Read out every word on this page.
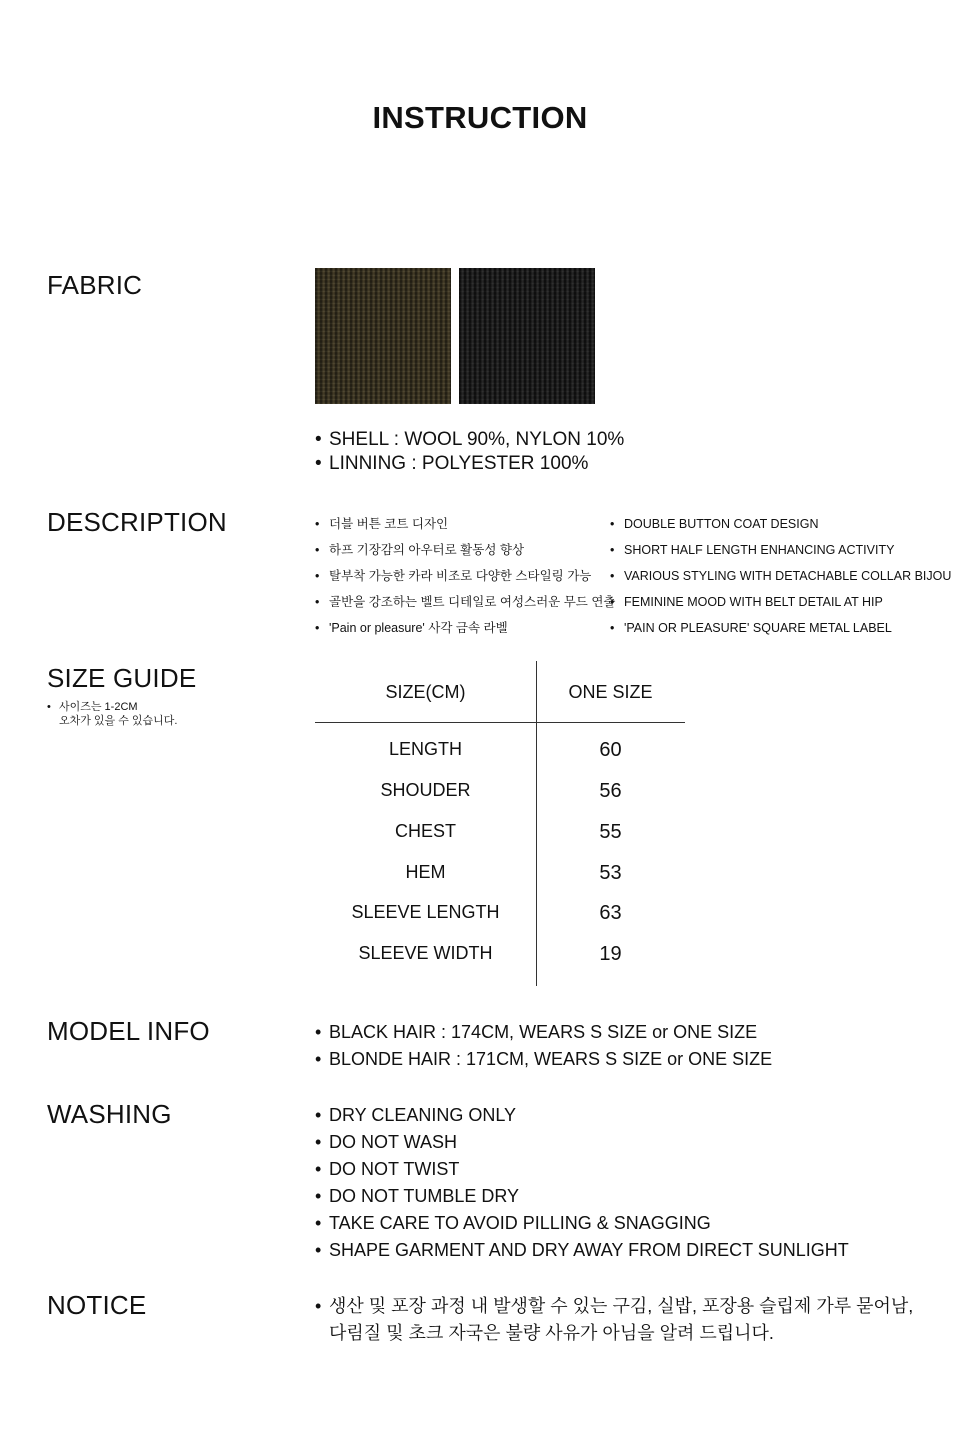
INSTRUCTION
FABRIC
• SHELL : WOOL 90%, NYLON 10%
• LINNING : POLYESTER 100%
DESCRIPTION	• 더블 버튼 코트 디자인
• 하프 기장감의 아우터로 활동성 향상
• 탈부착 가능한 카라 비조로 다양한 스타일링 가능
• 골반을 강조하는 벨트 디테일로 여성스러운 무드 연출
• 'Pain or pleasure' 사각 금속 라벨
• DOUBLE BUTTON COAT DESIGN
• SHORT HALF LENGTH ENHANCING ACTIVITY
• VARIOUS STYLING WITH DETACHABLE COLLAR BIJOU
• FEMININE MOOD WITH BELT DETAIL AT HIP
• 'PAIN OR PLEASURE' SQUARE METAL LABEL
SIZE GUIDE
• 사이즈는 1-2CM
오차가 있을 수 있습니다.
SIZE(CM)	ONE SIZE
LENGTH	60
SHOUDER	56
CHEST	55
HEM	53
SLEEVE LENGTH	63
SLEEVE WIDTH	19
MODEL INFO	• BLACK HAIR : 174CM, WEARS S SIZE or ONE SIZE
• BLONDE HAIR : 171CM, WEARS S SIZE or ONE SIZE
WASHING	• DRY CLEANING ONLY
• DO NOT WASH
• DO NOT TWIST
• DO NOT TUMBLE DRY
• TAKE CARE TO AVOID PILLING & SNAGGING
• SHAPE GARMENT AND DRY AWAY FROM DIRECT SUNLIGHT
NOTICE	• 생산 및 포장 과정 내 발생할 수 있는 구김, 실밥, 포장용 슬립제 가루 묻어남,
다림질 및 초크 자국은 불량 사유가 아님을 알려 드립니다.
